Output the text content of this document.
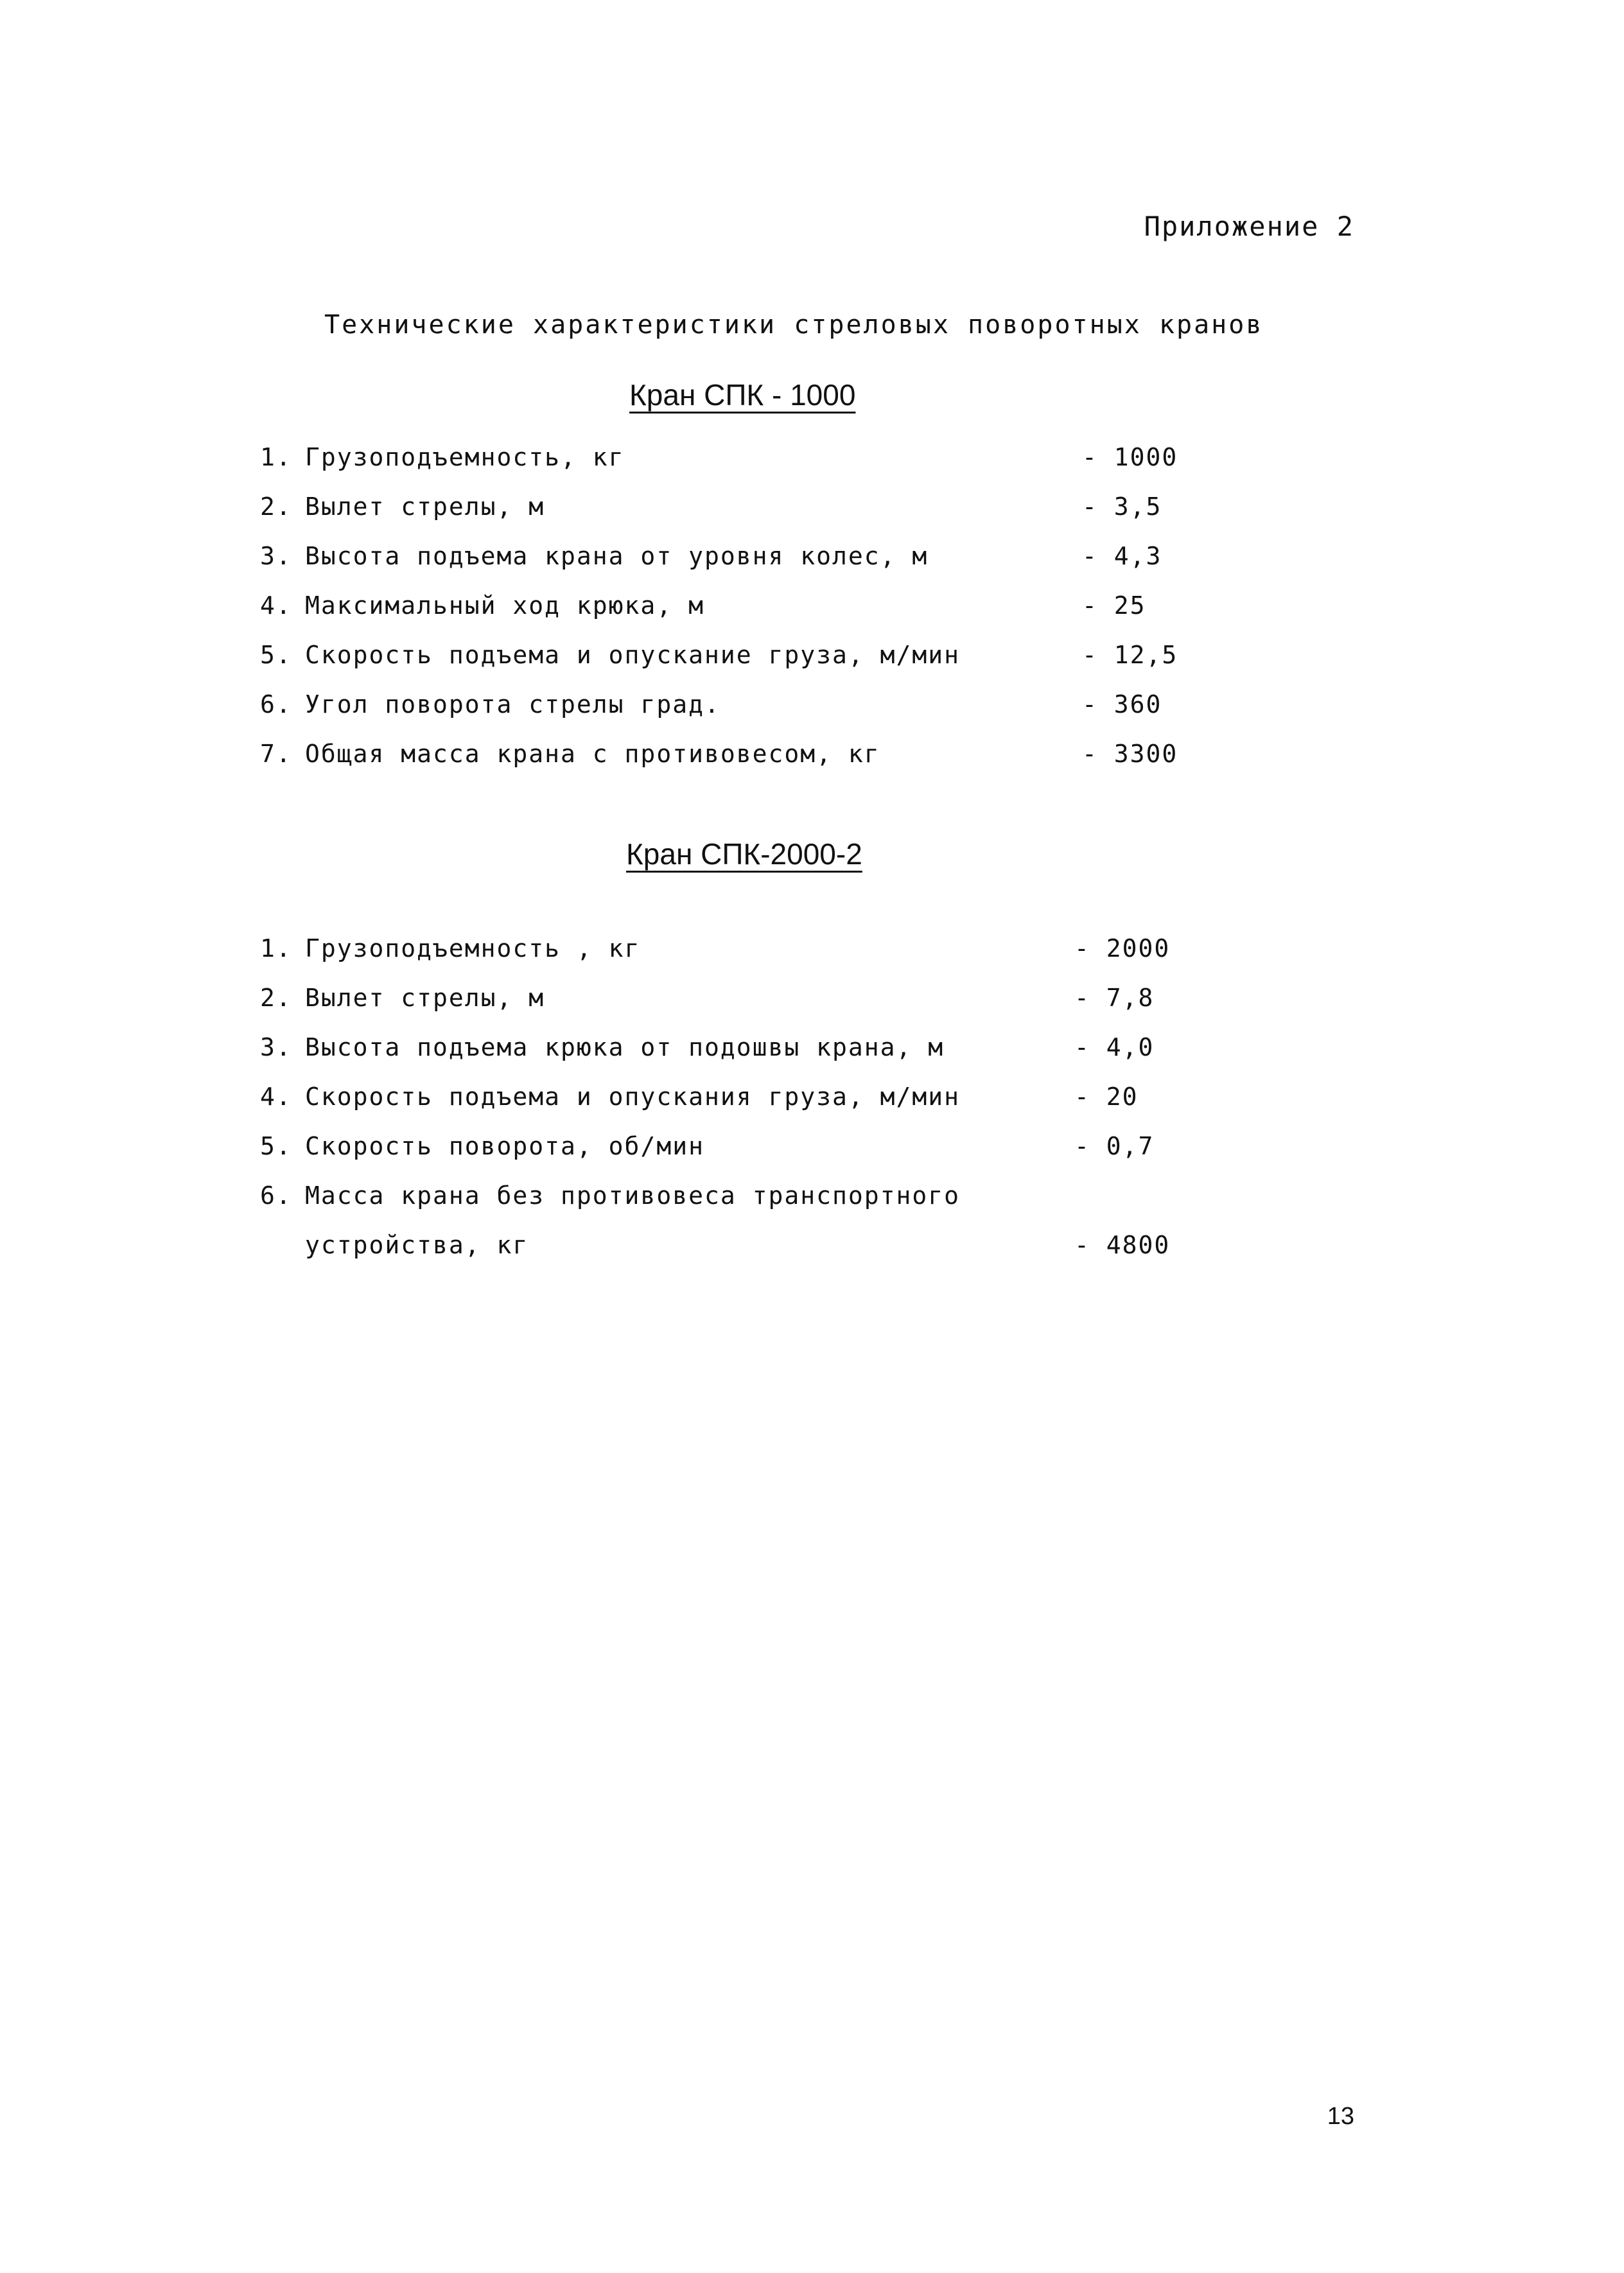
Приложение 2
Технические характеристики стреловых поворотных кранов
Кран СПК - 1000
1. Грузоподъемность, кг	- 1000
2. Вылет стрелы, м	- 3,5
3. Высота подъема крана от уровня колес, м	- 4,3
4. Максимальный ход крюка, м	- 25
5. Скорость подъема и опускание груза, м/мин	- 12,5
6. Угол поворота стрелы град.	- 360
7. Общая масса крана с противовесом, кг	- 3300
Кран СПК-2000-2
1. Грузоподъемность , кг	- 2000
2. Вылет стрелы, м	- 7,8
3. Высота подъема крюка от подошвы крана, м	- 4,0
4. Скорость подъема и опускания груза, м/мин	- 20
5. Скорость поворота, об/мин	- 0,7
6. Масса крана без противовеса транспортного
устройства, кг	- 4800
13
